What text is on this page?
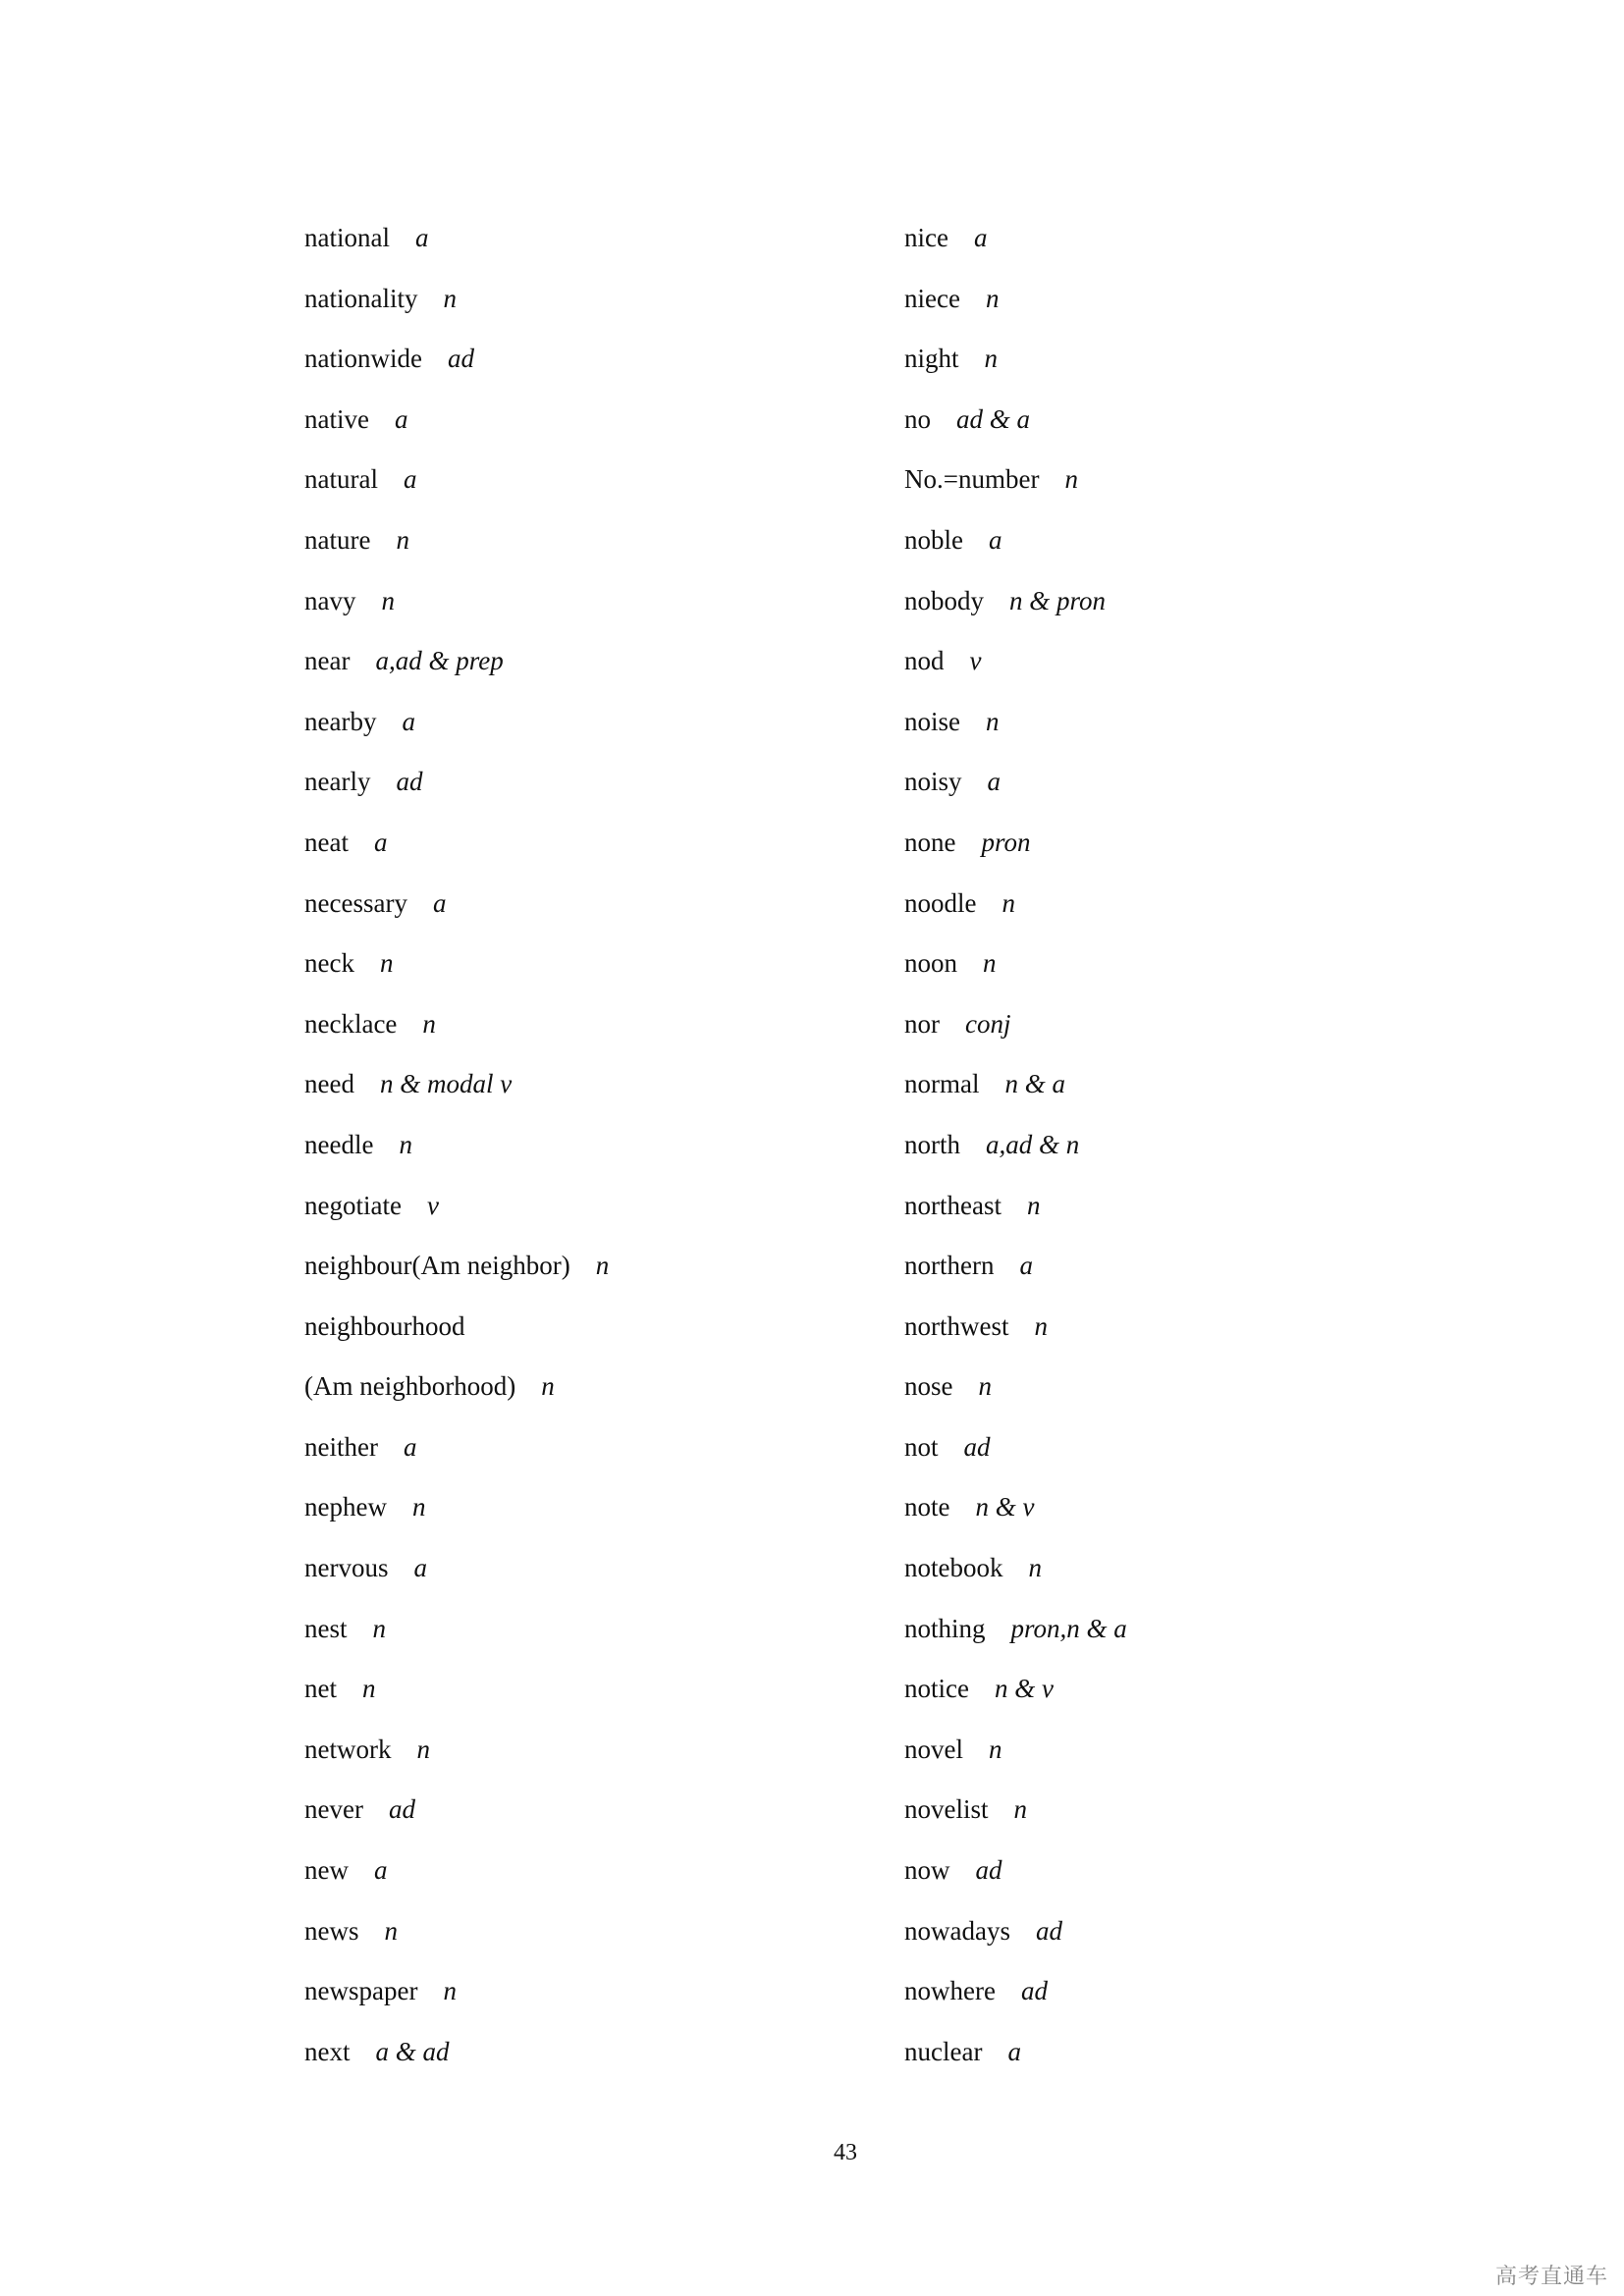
national a
nationality n
nationwide ad
native a
natural a
nature n
navy n
near a,ad & prep
nearby a
nearly ad
neat a
necessary a
neck n
necklace n
need n & modal v
needle n
negotiate v
neighbour(Am neighbor) n
neighbourhood
(Am neighborhood) n
neither a
nephew n
nervous a
nest n
net n
network n
never ad
new a
news n
newspaper n
next a & ad
nice a
niece n
night n
no ad & a
No.=number n
noble a
nobody n & pron
nod v
noise n
noisy a
none pron
noodle n
noon n
nor conj
normal n & a
north a,ad & n
northeast n
northern a
northwest n
nose n
not ad
note n & v
notebook n
nothing pron,n & a
notice n & v
novel n
novelist n
now ad
nowadays ad
nowhere ad
nuclear a
43
高考直通车
